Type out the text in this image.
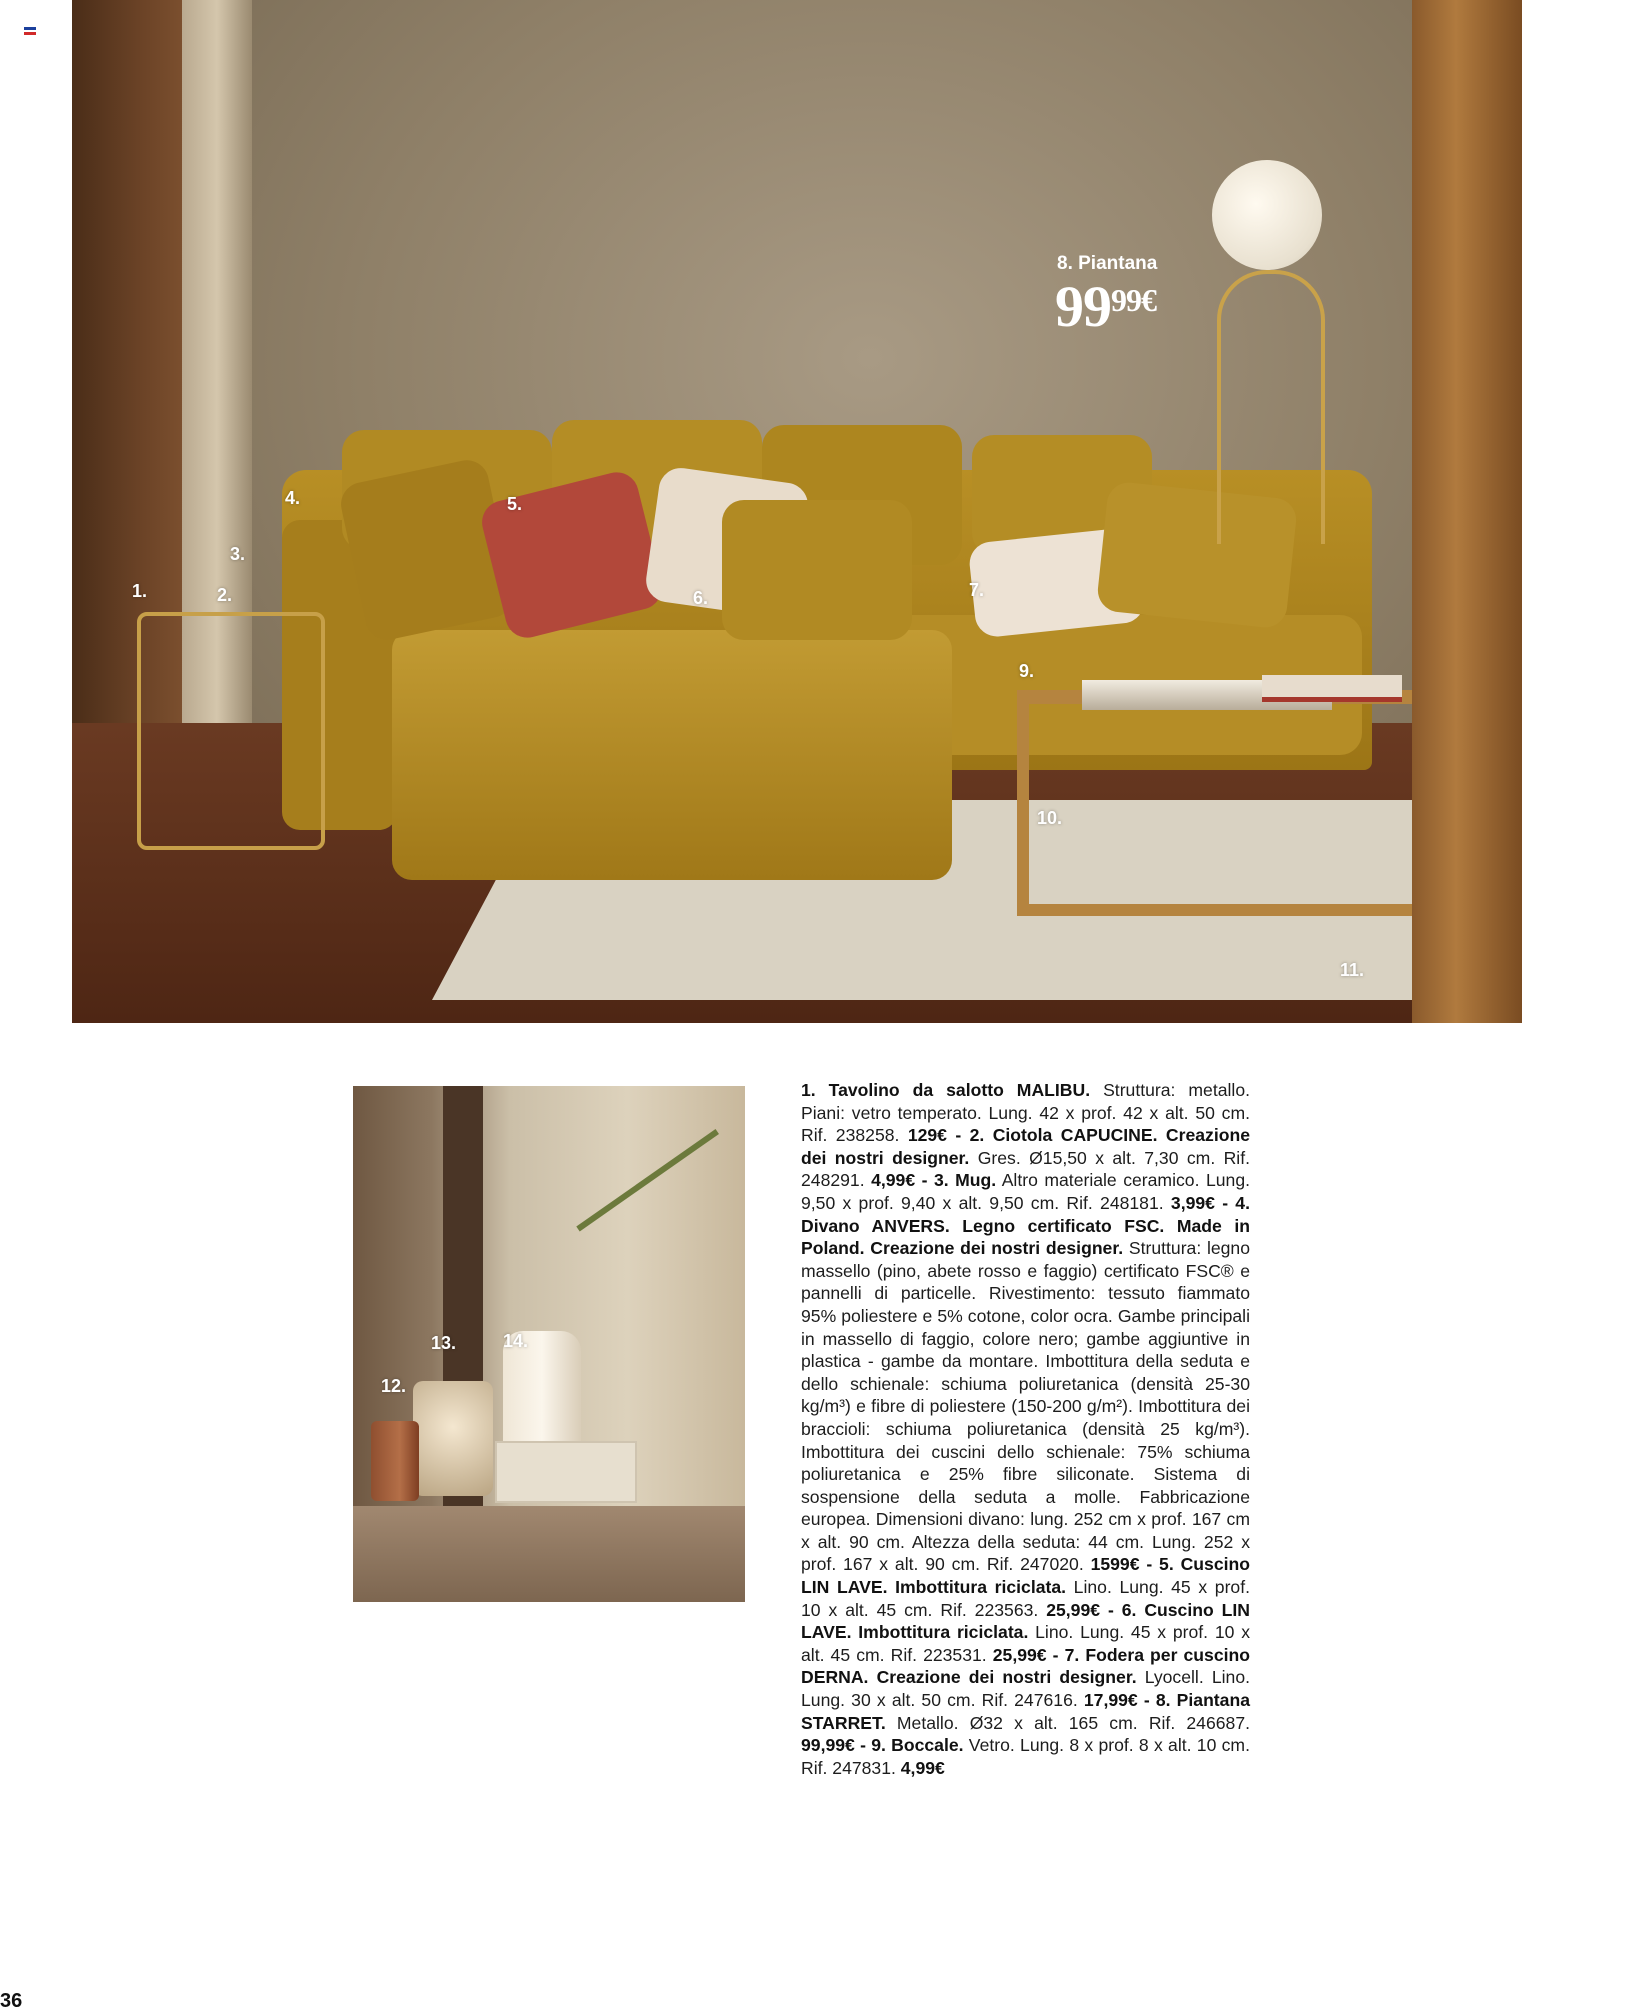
8. Piantana
$99^{99€}$
1.	2.
3.
4.	5.
6.	7.
9.
10.
11.
12.
13.	14.
1. Tavolino da salotto MALIBU. Struttura: metallo. Piani: vetro temperato. Lung. 42 x prof. 42 x alt. 50 cm. Rif. 238258. 129€ - 2. Ciotola CAPUCINE. Creazione dei nostri designer. Gres. Ø15,50 x alt. 7,30 cm. Rif. 248291. 4,99€ - 3. Mug. Altro materiale ceramico. Lung. 9,50 x prof. 9,40 x alt. 9,50 cm. Rif. 248181. 3,99€ - 4. Divano ANVERS. Legno certificato FSC. Made in Poland. Creazione dei nostri designer. Struttura: legno massello (pino, abete rosso e faggio) certificato FSC® e pannelli di particelle. Rivestimento: tessuto fiammato 95% poliestere e 5% cotone, color ocra. Gambe principali in massello di faggio, colore nero; gambe aggiuntive in plastica - gambe da montare. Imbottitura della seduta e dello schienale: schiuma poliuretanica (densità 25-30 kg/m³) e fibre di poliestere (150-200 g/m²). Imbottitura dei braccioli: schiuma poliuretanica (densità 25 kg/m³). Imbottitura dei cuscini dello schienale: 75% schiuma poliuretanica e 25% fibre siliconate. Sistema di sospensione della seduta a molle. Fabbricazione europea. Dimensioni divano: lung. 252 cm x prof. 167 cm x alt. 90 cm. Altezza della seduta: 44 cm. Lung. 252 x prof. 167 x alt. 90 cm. Rif. 247020. 1599€ - 5. Cuscino LIN LAVE. Imbottitura riciclata. Lino. Lung. 45 x prof. 10 x alt. 45 cm. Rif. 223563. 25,99€ - 6. Cuscino LIN LAVE. Imbottitura riciclata. Lino. Lung. 45 x prof. 10 x alt. 45 cm. Rif. 223531. 25,99€ - 7. Fodera per cuscino DERNA. Creazione dei nostri designer. Lyocell. Lino. Lung. 30 x alt. 50 cm. Rif. 247616. 17,99€ - 8. Piantana STARRET. Metallo. Ø32 x alt. 165 cm. Rif. 246687. 99,99€ - 9. Boccale. Vetro. Lung. 8 x prof. 8 x alt. 10 cm. Rif. 247831. 4,99€
36
